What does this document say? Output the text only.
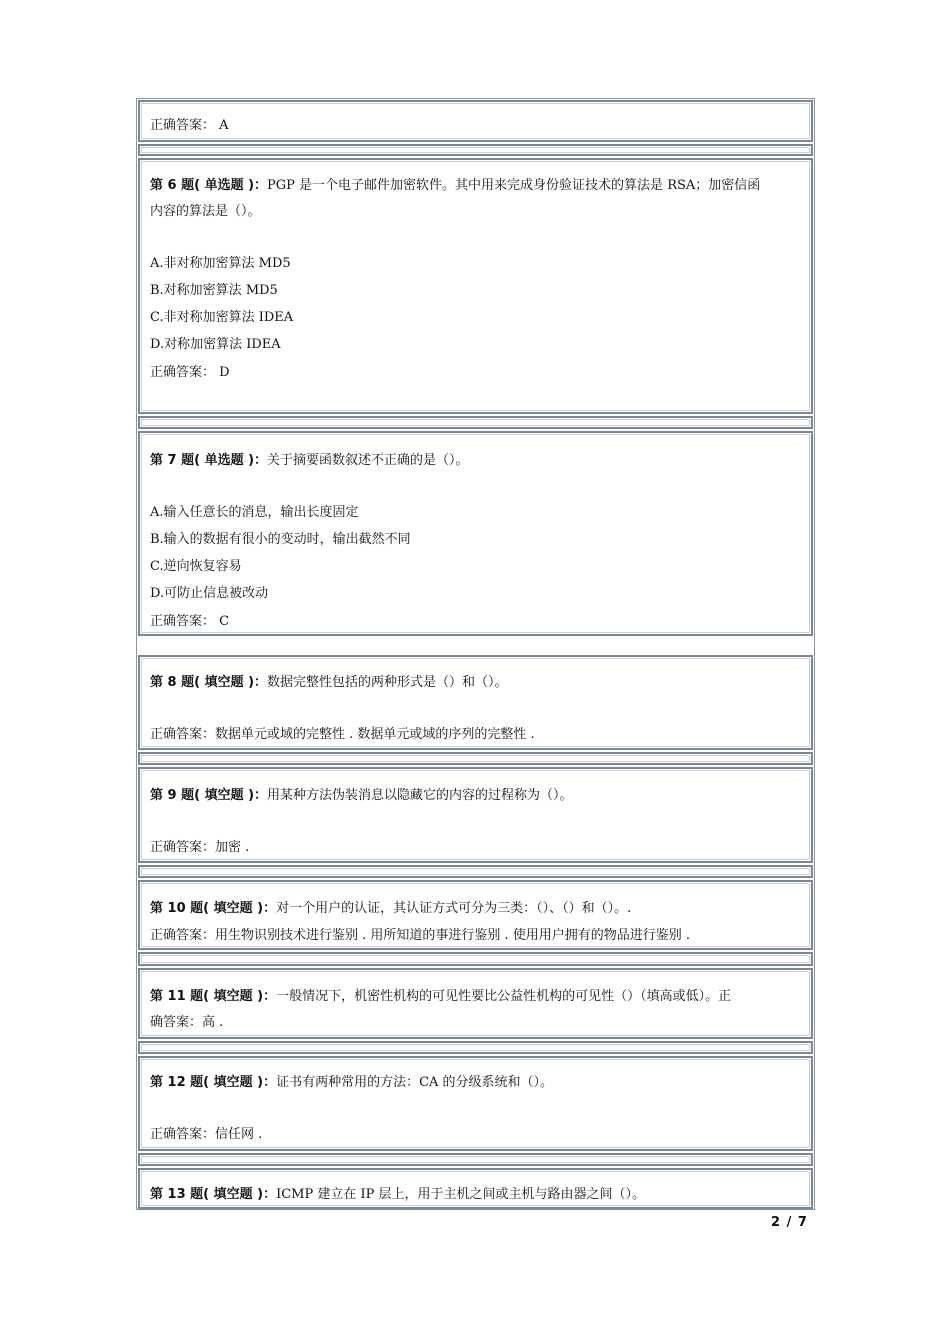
正确答案： A
第 6 题( 单选题 )：PGP 是一个电子邮件加密软件。其中用来完成身份验证技术的算法是 RSA；加密信函
内容的算法是（）。
A.非对称加密算法 MD5
B.对称加密算法 MD5
C.非对称加密算法 IDEA
D.对称加密算法 IDEA
正确答案： D
第 7 题( 单选题 )：关于摘要函数叙述不正确的是（）。
A.输入任意长的消息，输出长度固定
B.输入的数据有很小的变动时，输出截然不同
C.逆向恢复容易
D.可防止信息被改动
正确答案： C
第 8 题( 填空题 )：数据完整性包括的两种形式是（）和（）。
正确答案：数据单元或域的完整性 . 数据单元或域的序列的完整性 .
第 9 题( 填空题 )：用某种方法伪装消息以隐藏它的内容的过程称为（）。
正确答案：加密 .
第 10 题( 填空题 )：对一个用户的认证，其认证方式可分为三类：（）、（）和（）。.
正确答案：用生物识别技术进行鉴别 . 用所知道的事进行鉴别 . 使用用户拥有的物品进行鉴别 .
第 11 题( 填空题 )：一般情况下，机密性机构的可见性要比公益性机构的可见性（）（填高或低）。正
确答案：高 .
第 12 题( 填空题 )：证书有两种常用的方法：CA 的分级系统和（）。
正确答案：信任网 .
第 13 题( 填空题 )：ICMP 建立在 IP 层上，用于主机之间或主机与路由器之间（）。
2 / 7
